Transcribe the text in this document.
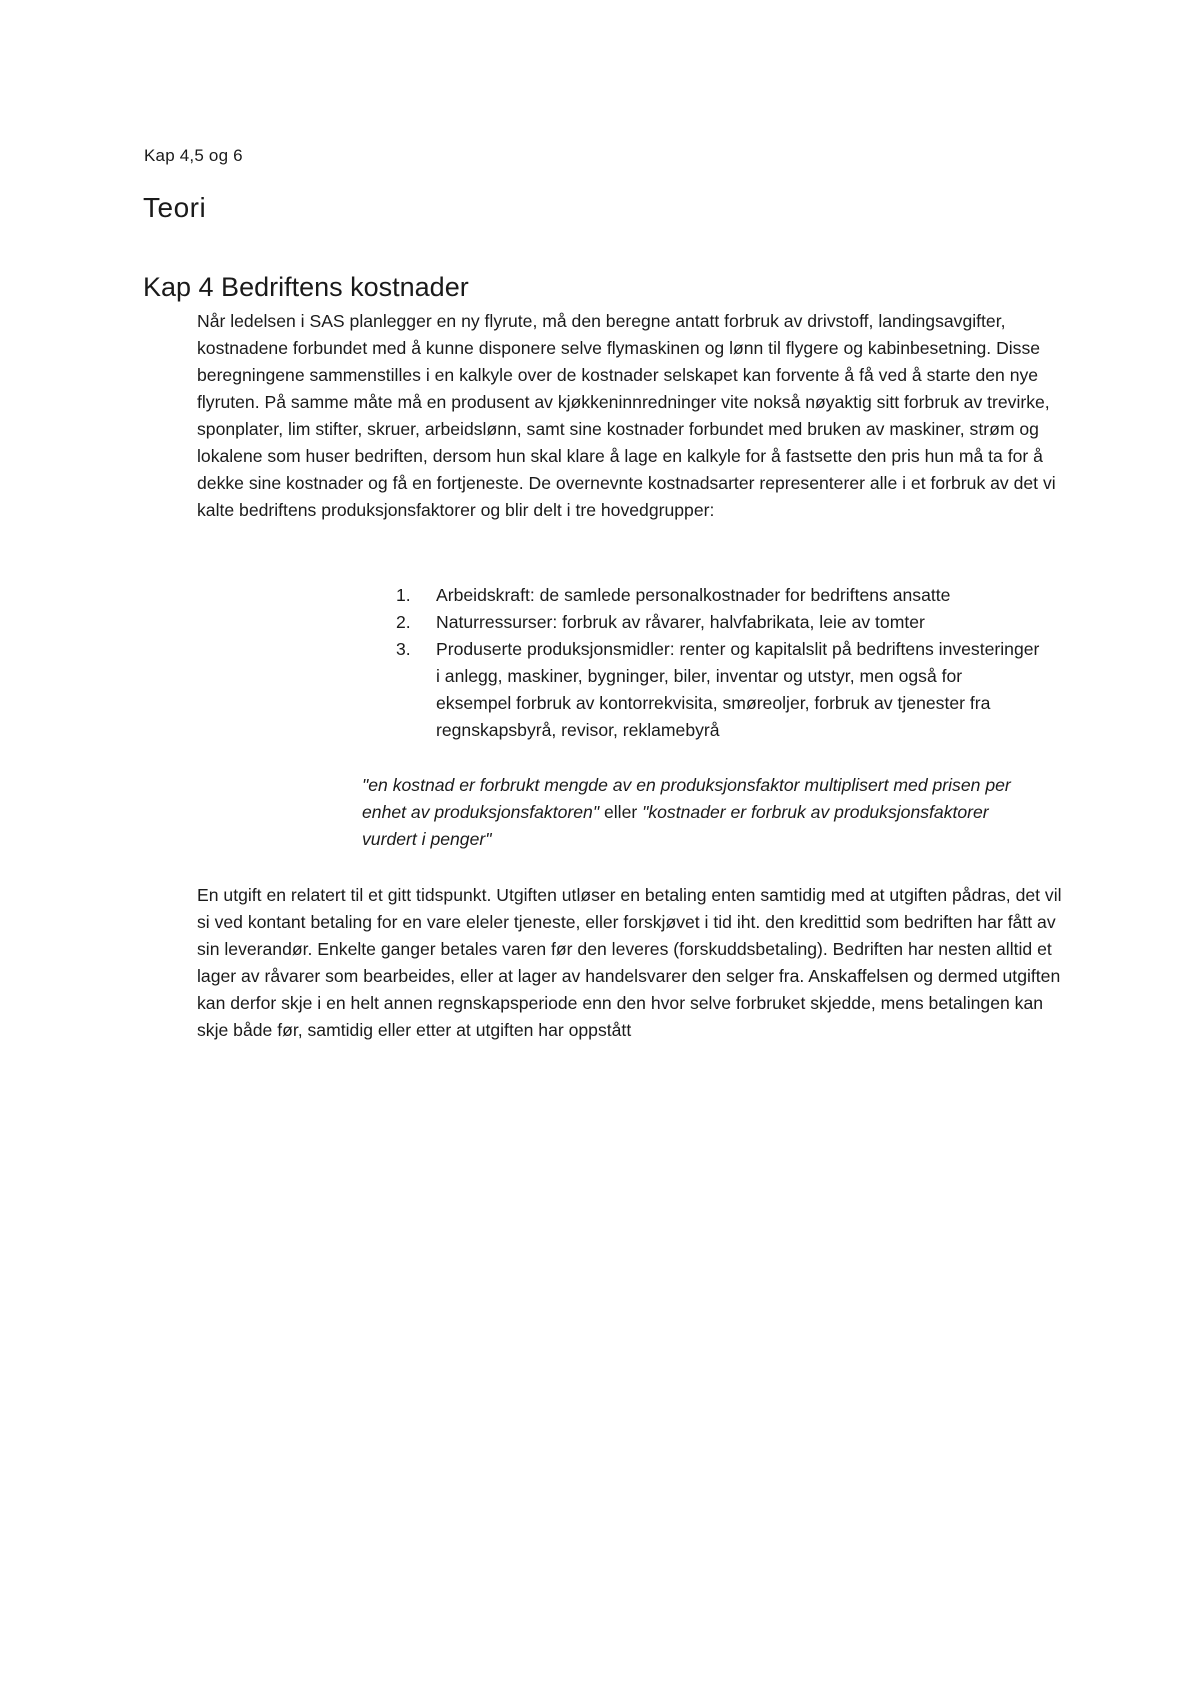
Kap 4,5 og 6
Teori
Kap 4 Bedriftens kostnader

Når ledelsen i SAS planlegger en ny flyrute, må den beregne antatt forbruk av drivstoff, landingsavgifter, kostnadene forbundet med å kunne disponere selve flymaskinen og lønn til flygere og kabinbesetning. Disse beregningene sammenstilles i en kalkyle over de kostnader selskapet kan forvente å få ved å starte den nye flyruten. På samme måte må en produsent av kjøkkeninnredninger vite nokså nøyaktig sitt forbruk av trevirke, sponplater, lim stifter, skruer, arbeidslønn, samt sine kostnader forbundet med bruken av maskiner, strøm og lokalene som huser bedriften, dersom hun skal klare å lage en kalkyle for å fastsette den pris hun må ta for å dekke sine kostnader og få en fortjeneste. De overnevnte kostnadsarter representerer alle i et forbruk av det vi kalte bedriftens produksjonsfaktorer og blir delt i tre hovedgrupper:

1. Arbeidskraft: de samlede personalkostnader for bedriftens ansatte
2. Naturressurser: forbruk av råvarer, halvfabrikata, leie av tomter
3. Produserte produksjonsmidler: renter og kapitalslit på bedriftens investeringer i anlegg, maskiner, bygninger, biler, inventar og utstyr, men også for eksempel forbruk av kontorrekvisita, smøreoljer, forbruk av tjenester fra regnskapsbyrå, revisor, reklamebyrå

"en kostnad er forbrukt mengde av en produksjonsfaktor multiplisert med prisen per enhet av produksjonsfaktoren" eller "kostnader er forbruk av produksjonsfaktorer vurdert i penger"

En utgift en relatert til et gitt tidspunkt. Utgiften utløser en betaling enten samtidig med at utgiften pådras, det vil si ved kontant betaling for en vare eleler tjeneste, eller forskjøvet i tid iht. den kredittid som bedriften har fått av sin leverandør. Enkelte ganger betales varen før den leveres (forskuddsbetaling). Bedriften har nesten alltid et lager av råvarer som bearbeides, eller at lager av handelsvarer den selger fra. Anskaffelsen og dermed utgiften kan derfor skje i en helt annen regnskapsperiode enn den hvor selve forbruket skjedde, mens betalingen kan skje både før, samtidig eller etter at utgiften har oppstått
